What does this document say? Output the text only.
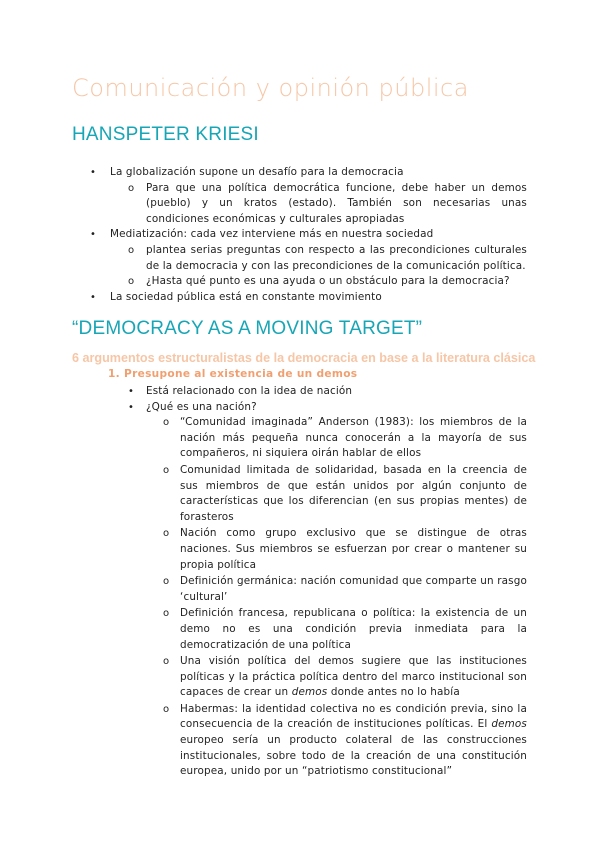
Comunicación y opinión pública
HANSPETER KRIESI
• La globalización supone un desafío para la democracia
o Para que una política democrática funcione, debe haber un demos (pueblo) y un kratos (estado). También son necesarias unas condiciones económicas y culturales apropiadas
• Mediatización: cada vez interviene más en nuestra sociedad
o plantea serias preguntas con respecto a las precondiciones culturales de la democracia y con las precondiciones de la comunicación política.
o ¿Hasta qué punto es una ayuda o un obstáculo para la democracia?
• La sociedad pública está en constante movimiento
“DEMOCRACY AS A MOVING TARGET”
6 argumentos estructuralistas de la democracia en base a la literatura clásica
1. Presupone al existencia de un demos
• Está relacionado con la idea de nación
• ¿Qué es una nación?
o “Comunidad imaginada” Anderson (1983): los miembros de la nación más pequeña nunca conocerán a la mayoría de sus compañeros, ni siquiera oirán hablar de ellos
o Comunidad limitada de solidaridad, basada en la creencia de sus miembros de que están unidos por algún conjunto de características que los diferencian (en sus propias mentes) de forasteros
o Nación como grupo exclusivo que se distingue de otras naciones. Sus miembros se esfuerzan por crear o mantener su propia política
o Definición germánica: nación comunidad que comparte un rasgo ‘cultural’
o Definición francesa, republicana o política: la existencia de un demo no es una condición previa inmediata para la democratización de una política
o Una visión política del demos sugiere que las instituciones políticas y la práctica política dentro del marco institucional son capaces de crear un demos donde antes no lo había
o Habermas: la identidad colectiva no es condición previa, sino la consecuencia de la creación de instituciones políticas. El demos europeo sería un producto colateral de las construcciones institucionales, sobre todo de la creación de una constitución europea, unido por un “patriotismo constitucional”
